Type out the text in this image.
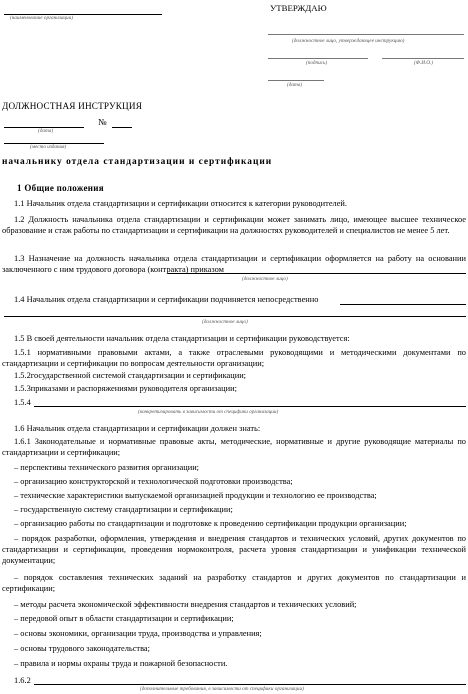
(наименование организации)
УТВЕРЖДАЮ
(должностное лицо, утверждающее инструкцию)
(подпись)	(Ф.И.О.)
(дата)
ДОЛЖНОСТНАЯ ИНСТРУКЦИЯ
(дата)
№
(место издания)
начальнику отдела стандартизации и сертификации
1 Общие положения
1.1 Начальник отдела стандартизации и сертификации относится к категории руководителей.
1.2 Должность начальника отдела стандартизации и сертификации может занимать лицо, имеющее высшее техническое образование и стаж работы по стандартизации и сертификации на должностях руководителей и специалистов не менее 5 лет.
1.3 Назначение на должность начальника отдела стандартизации и сертификации оформляется на работу на основании заключенного с ним трудового договора (контракта) приказом
(должностное лицо)
1.4 Начальник отдела стандартизации и сертификации подчиняется непосредственно
(должностное лицо)
1.5 В своей деятельности начальник отдела стандартизации и сертификации руководствуется:
1.5.1 нормативными правовыми актами, а также отраслевыми руководящими и методическими документами по стандартизации и сертификации по вопросам деятельности организации;
1.5.2государственной системой стандартизации и сертификации;
1.5.3приказами и распоряжениями руководителя организации;
1.5.4
(конкретизировать в зависимости от специфики организации)
1.6 Начальник отдела стандартизации и сертификации должен знать:
1.6.1 Законодательные и нормативные правовые акты, методические, нормативные и другие руководящие материалы по стандартизации и сертификации;
– перспективы технического развития организации;
– организацию конструкторской и технологической подготовки производства;
– технические характеристики выпускаемой организацией продукции и технологию ее производства;
– государственную систему стандартизации и сертификации;
– организацию работы по стандартизации и подготовке к проведению сертификации продукции организации;
– порядок разработки, оформления, утверждения и внедрения стандартов и технических условий, других документов по стандартизации и сертификации, проведения нормоконтроля, расчета уровня стандартизации и унификации технической документации;
– порядок составления технических заданий на разработку стандартов и других документов по стандартизации и сертификации;
– методы расчета экономической эффективности внедрения стандартов и технических условий;
– передовой опыт в области стандартизации и сертификации;
– основы экономики, организации труда, производства и управления;
– основы трудового законодательства;
– правила и нормы охраны труда и пожарной безопасности.
1.6.2
(дополнительные требования, в зависимости от специфики организации)
